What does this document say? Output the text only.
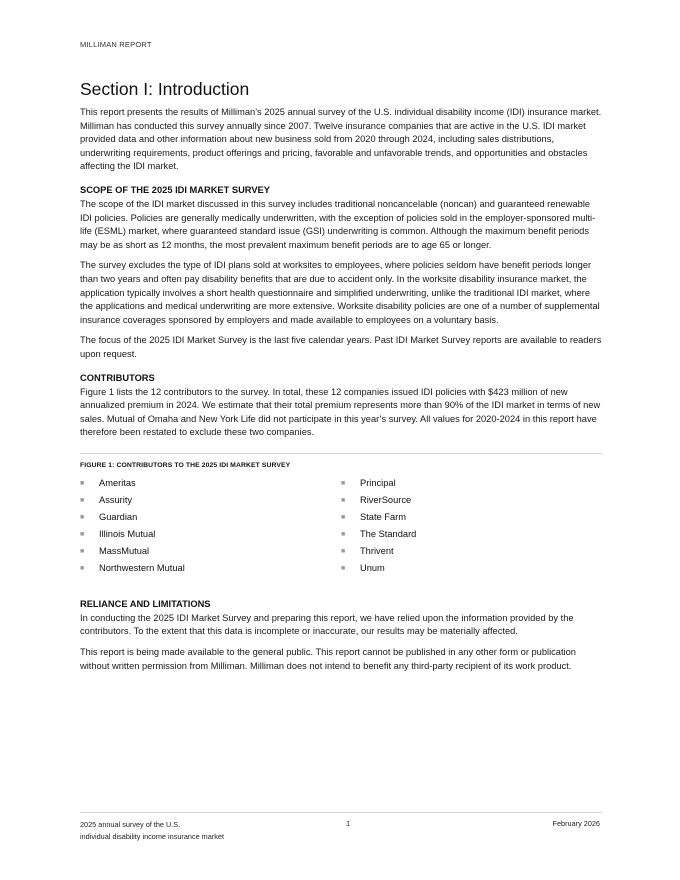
MILLIMAN REPORT
Section I: Introduction

This report presents the results of Milliman’s 2025 annual survey of the U.S. individual disability income (IDI) insurance market. Milliman has conducted this survey annually since 2007. Twelve insurance companies that are active in the U.S. IDI market provided data and other information about new business sold from 2020 through 2024, including sales distributions, underwriting requirements, product offerings and pricing, favorable and unfavorable trends, and opportunities and obstacles affecting the IDI market.

SCOPE OF THE 2025 IDI MARKET SURVEY

The scope of the IDI market discussed in this survey includes traditional noncancelable (noncan) and guaranteed renewable IDI policies. Policies are generally medically underwritten, with the exception of policies sold in the employer-sponsored multi-life (ESML) market, where guaranteed standard issue (GSI) underwriting is common. Although the maximum benefit periods may be as short as 12 months, the most prevalent maximum benefit periods are to age 65 or longer.

The survey excludes the type of IDI plans sold at worksites to employees, where policies seldom have benefit periods longer than two years and often pay disability benefits that are due to accident only. In the worksite disability insurance market, the application typically involves a short health questionnaire and simplified underwriting, unlike the traditional IDI market, where the applications and medical underwriting are more extensive. Worksite disability policies are one of a number of supplemental insurance coverages sponsored by employers and made available to employees on a voluntary basis.

The focus of the 2025 IDI Market Survey is the last five calendar years. Past IDI Market Survey reports are available to readers upon request.

CONTRIBUTORS

Figure 1 lists the 12 contributors to the survey. In total, these 12 companies issued IDI policies with $423 million of new annualized premium in 2024. We estimate that their total premium represents more than 90% of the IDI market in terms of new sales. Mutual of Omaha and New York Life did not participate in this year’s survey. All values for 2020-2024 in this report have therefore been restated to exclude these two companies.

FIGURE 1: CONTRIBUTORS TO THE 2025 IDI MARKET SURVEY
■	Ameritas
■	Assurity
■	Guardian
■	Illinois Mutual
■	MassMutual
■	Northwestern Mutual
■	Principal
■	RiverSource
■	State Farm
■	The Standard
■	Thrivent
■	Unum
RELIANCE AND LIMITATIONS

In conducting the 2025 IDI Market Survey and preparing this report, we have relied upon the information provided by the contributors. To the extent that this data is incomplete or inaccurate, our results may be materially affected.

This report is being made available to the general public. This report cannot be published in any other form or publication without written permission from Milliman. Milliman does not intend to benefit any third-party recipient of its work product.

2025 annual survey of the U.S.
individual disability income insurance market
1	February 2026
